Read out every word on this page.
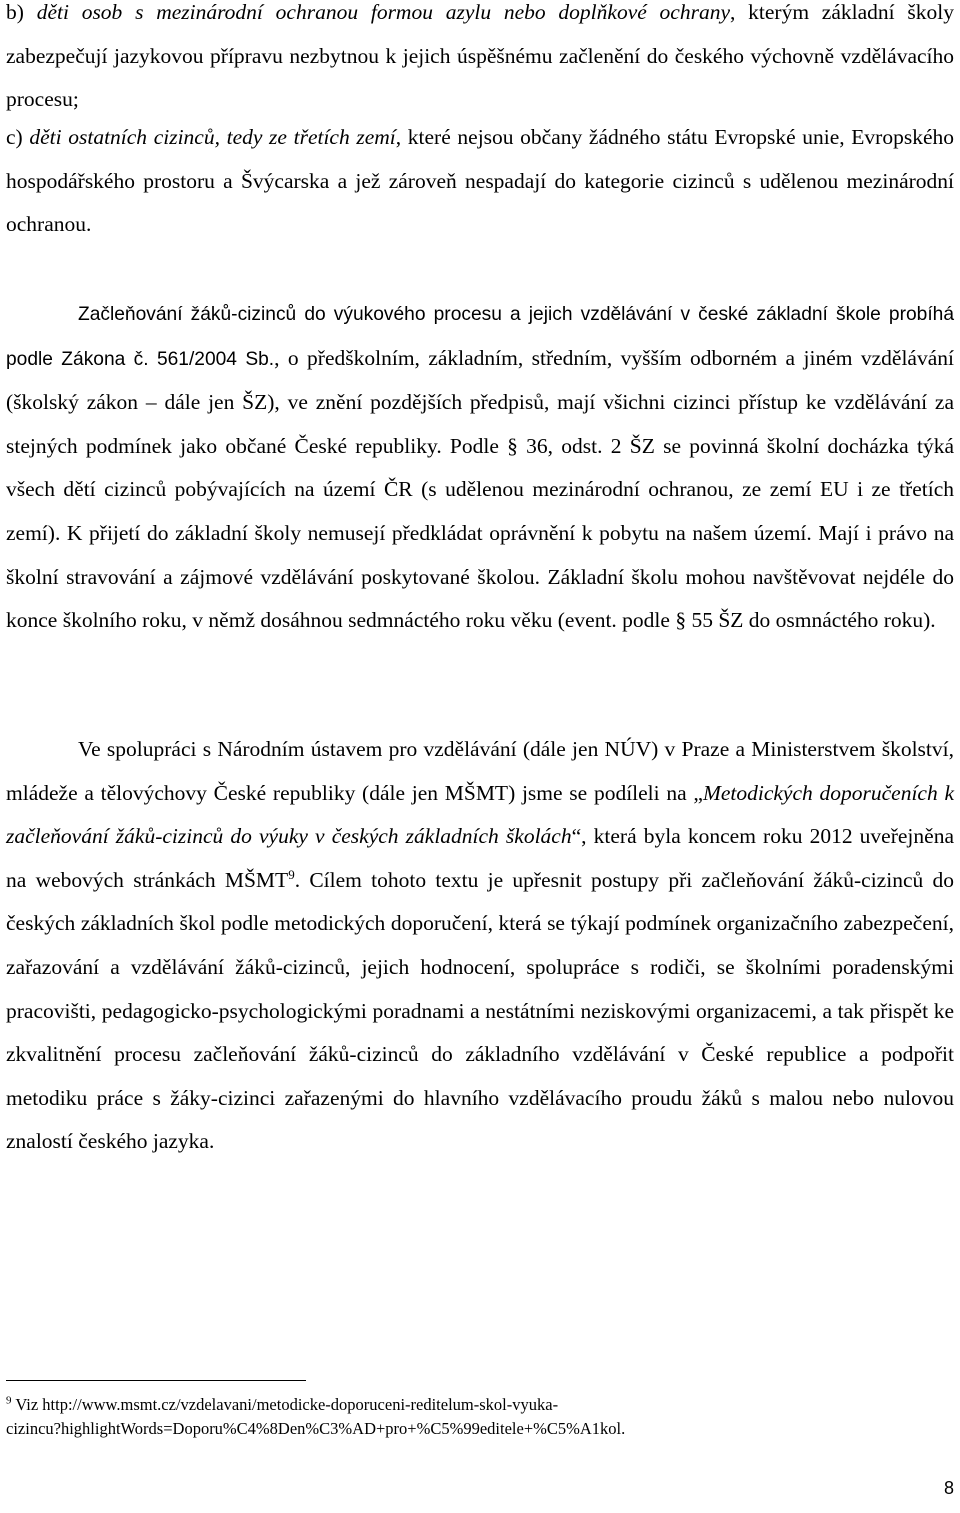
b) děti osob s mezinárodní ochranou formou azylu nebo doplňkové ochrany, kterým základní školy zabezpečují jazykovou přípravu nezbytnou k jejich úspěšnému začlenění do českého výchovně vzdělávacího procesu;

c) děti ostatních cizinců, tedy ze třetích zemí, které nejsou občany žádného státu Evropské unie, Evropského hospodářského prostoru a Švýcarska a jež zároveň nespadají do kategorie cizinců s udělenou mezinárodní ochranou.

Začleňování žáků-cizinců do výukového procesu a jejich vzdělávání v české základní škole probíhá podle Zákona č. 561/2004 Sb., o předškolním, základním, středním, vyšším odborném a jiném vzdělávání (školský zákon – dále jen ŠZ), ve znění pozdějších předpisů, mají všichni cizinci přístup ke vzdělávání za stejných podmínek jako občané České republiky. Podle § 36, odst. 2 ŠZ se povinná školní docházka týká všech dětí cizinců pobývajících na území ČR (s udělenou mezinárodní ochranou, ze zemí EU i ze třetích zemí). K přijetí do základní školy nemusejí předkládat oprávnění k pobytu na našem území. Mají i právo na školní stravování a zájmové vzdělávání poskytované školou. Základní školu mohou navštěvovat nejdéle do konce školního roku, v němž dosáhnou sedmnáctého roku věku (event. podle § 55 ŠZ do osmnáctého roku).

Ve spolupráci s Národním ústavem pro vzdělávání (dále jen NÚV) v Praze a Ministerstvem školství, mládeže a tělovýchovy České republiky (dále jen MŠMT) jsme se podíleli na „Metodických doporučeních k začleňování žáků-cizinců do výuky v českých základních školách“, která byla koncem roku 2012 uveřejněna na webových stránkách MŠMT$^9$. Cílem tohoto textu je upřesnit postupy při začleňování žáků-cizinců do českých základních škol podle metodických doporučení, která se týkají podmínek organizačního zabezpečení, zařazování a vzdělávání žáků-cizinců, jejich hodnocení, spolupráce s rodiči, se školními poradenskými pracovišti, pedagogicko-psychologickými poradnami a nestátními neziskovými organizacemi, a tak přispět ke zkvalitnění procesu začleňování žáků-cizinců do základního vzdělávání v České republice a podpořit metodiku práce s žáky-cizinci zařazenými do hlavního vzdělávacího proudu žáků s malou nebo nulovou znalostí českého jazyka.

$^9$ Viz http://www.msmt.cz/vzdelavani/metodicke-doporuceni-reditelum-skol-vyuka-
cizincu?highlightWords=Doporu%C4%8Den%C3%AD+pro+%C5%99editele+%C5%A1kol.
8
